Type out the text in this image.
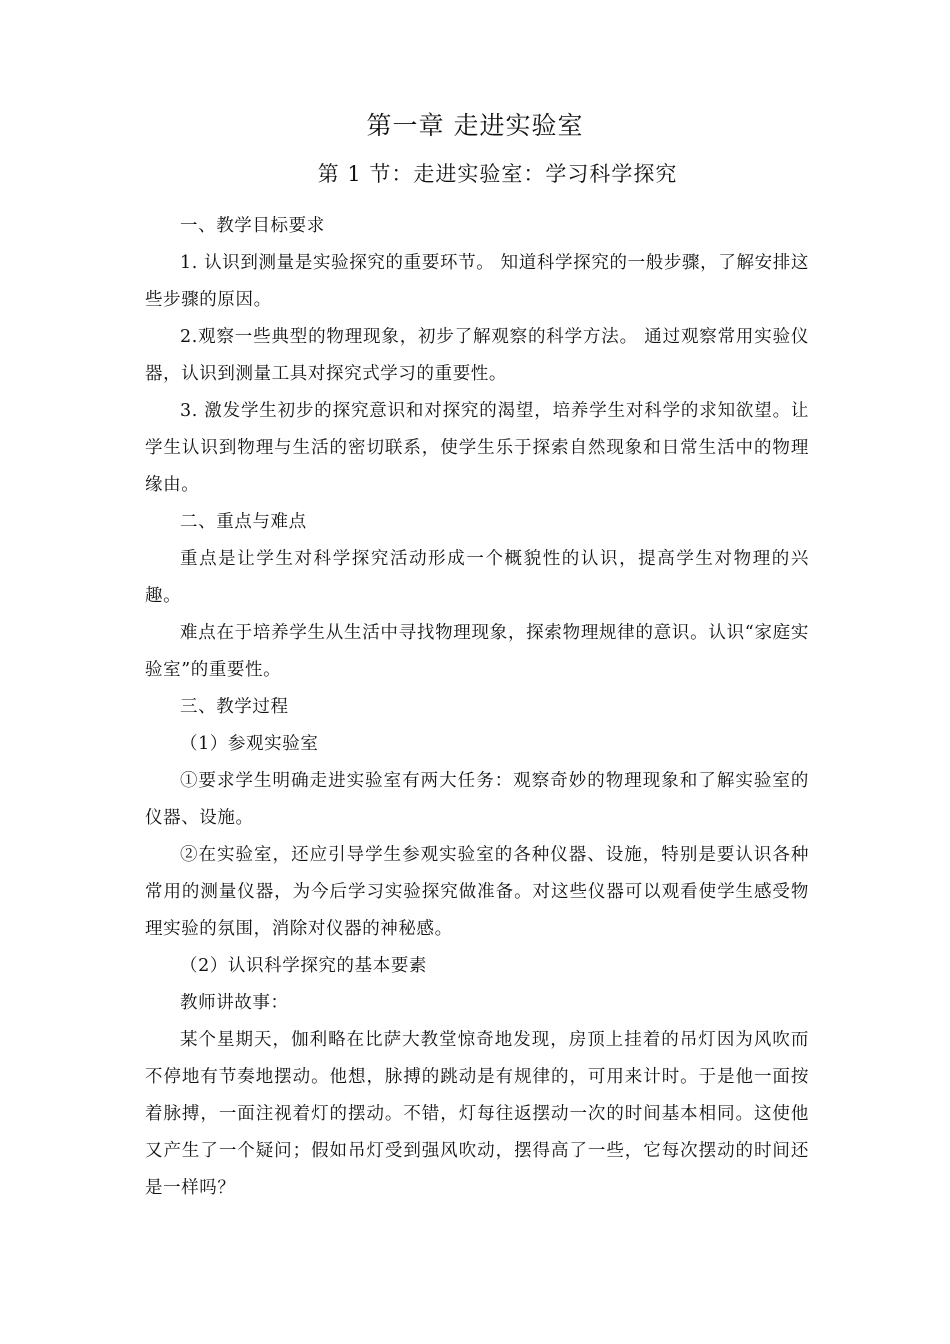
第一章 走进实验室
第 1 节：走进实验室：学习科学探究

一、教学目标要求

1. 认识到测量是实验探究的重要环节。 知道科学探究的一般步骤，了解安排这些步骤的原因。

2.观察一些典型的物理现象，初步了解观察的科学方法。 通过观察常用实验仪器，认识到测量工具对探究式学习的重要性。

3. 激发学生初步的探究意识和对探究的渴望，培养学生对科学的求知欲望。让学生认识到物理与生活的密切联系，使学生乐于探索自然现象和日常生活中的物理缘由。

二、重点与难点

重点是让学生对科学探究活动形成一个概貌性的认识，提高学生对物理的兴趣。

难点在于培养学生从生活中寻找物理现象，探索物理规律的意识。认识“家庭实验室”的重要性。

三、教学过程

（1）参观实验室

①要求学生明确走进实验室有两大任务：观察奇妙的物理现象和了解实验室的仪器、设施。

②在实验室，还应引导学生参观实验室的各种仪器、设施，特别是要认识各种常用的测量仪器，为今后学习实验探究做准备。对这些仪器可以观看使学生感受物理实验的氛围，消除对仪器的神秘感。

（2）认识科学探究的基本要素

教师讲故事：

某个星期天，伽利略在比萨大教堂惊奇地发现，房顶上挂着的吊灯因为风吹而不停地有节奏地摆动。他想，脉搏的跳动是有规律的，可用来计时。于是他一面按着脉搏，一面注视着灯的摆动。不错，灯每往返摆动一次的时间基本相同。这使他又产生了一个疑问；假如吊灯受到强风吹动，摆得高了一些，它每次摆动的时间还是一样吗？
